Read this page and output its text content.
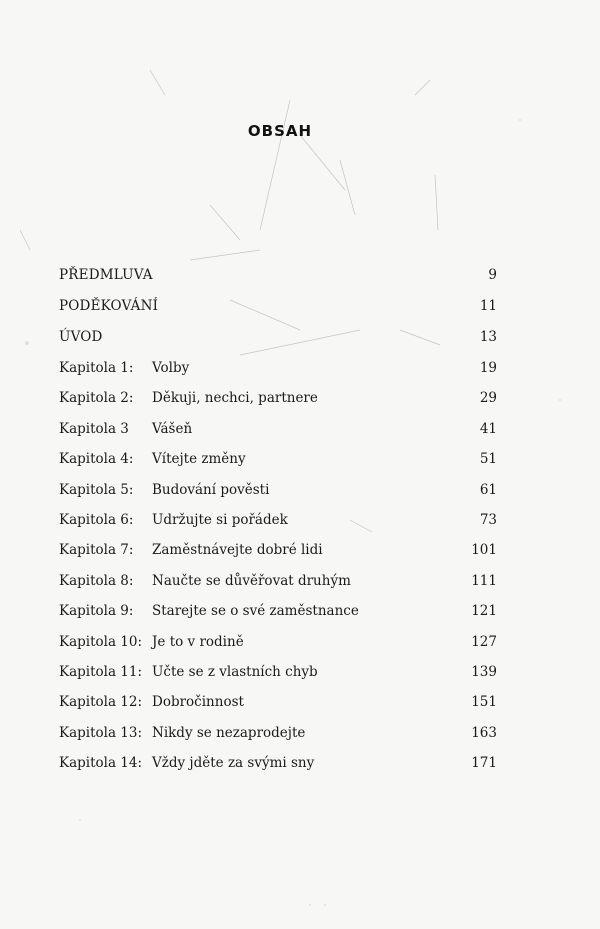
OBSAH
PŘEDMLUVA	9
PODĚKOVÁNÍ	11
ÚVOD	13
Kapitola 1: Volby	19
Kapitola 2: Děkuji, nechci, partnere	29
Kapitola 3 Vášeň	41
Kapitola 4: Vítejte změny	51
Kapitola 5: Budování pověsti	61
Kapitola 6: Udržujte si pořádek	73
Kapitola 7: Zaměstnávejte dobré lidi	101
Kapitola 8: Naučte se důvěřovat druhým	111
Kapitola 9: Starejte se o své zaměstnance	121
Kapitola 10: Je to v rodině	127
Kapitola 11: Učte se z vlastních chyb	139
Kapitola 12: Dobročinnost	151
Kapitola 13: Nikdy se nezaprodejte	163
Kapitola 14: Vždy jděte za svými sny	171
